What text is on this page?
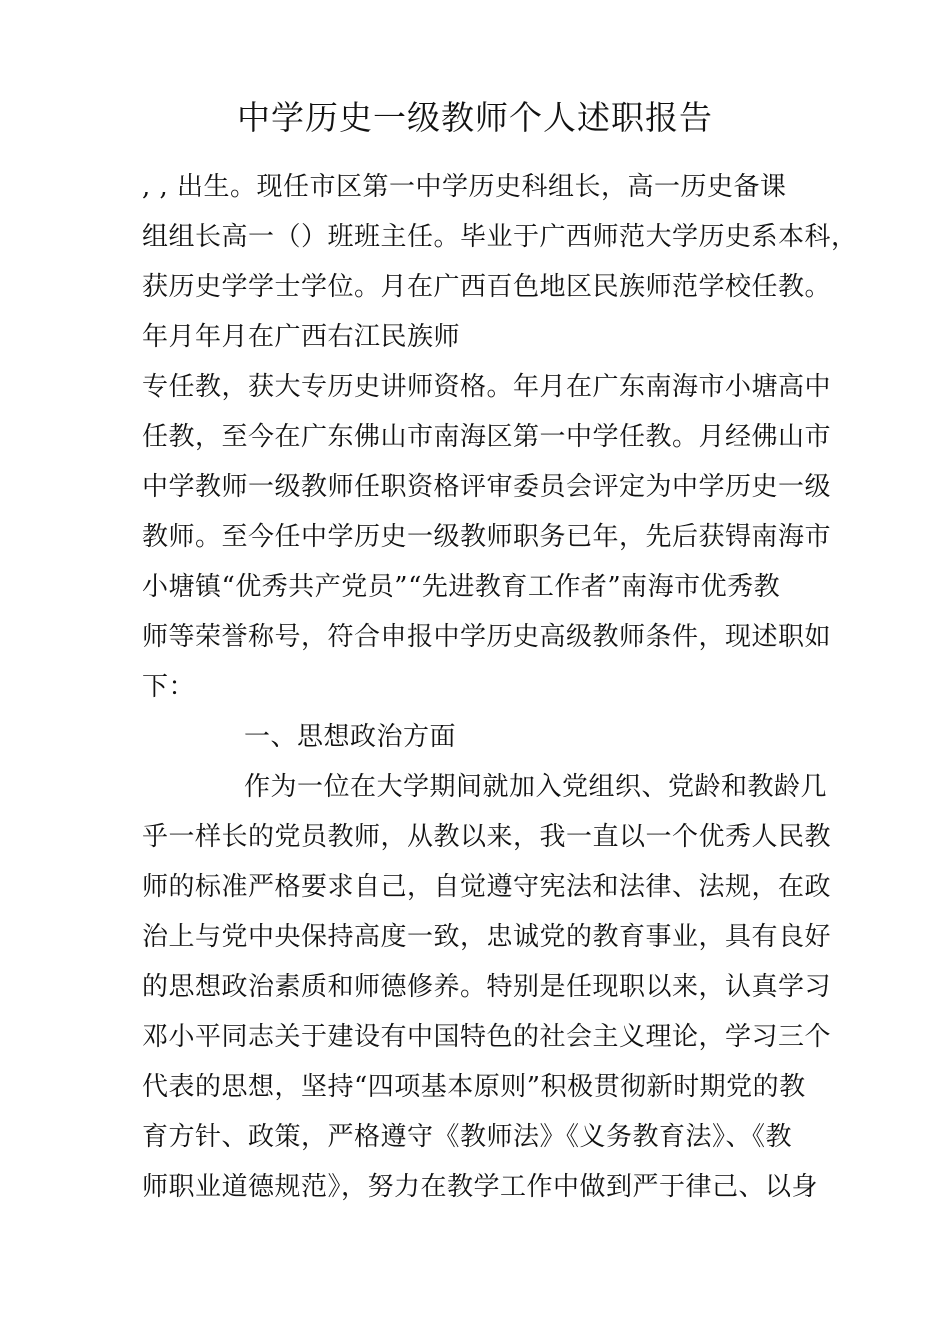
中学历史一级教师个人述职报告
, , 出生。现任市区第一中学历史科组长，高一历史备课
组组长高一（）班班主任。毕业于广西师范大学历史系本科，
获历史学学士学位。月在广西百色地区民族师范学校任教。
年月年月在广西右江民族师
专任教，获大专历史讲师资格。年月在广东南海市小塘高中
任教，至今在广东佛山市南海区第一中学任教。月经佛山市
中学教师一级教师任职资格评审委员会评定为中学历史一级
教师。至今任中学历史一级教师职务已年，先后获锝南海市
小塘镇“优秀共产党员”“先进教育工作者”南海市优秀教
师等荣誉称号，符合申报中学历史高级教师条件，现述职如
下：
一、思想政治方面
作为一位在大学期间就加入党组织、党龄和教龄几
乎一样长的党员教师，从教以来，我一直以一个优秀人民教
师的标准严格要求自己，自觉遵守宪法和法律、法规，在政
治上与党中央保持高度一致，忠诚党的教育事业，具有良好
的思想政治素质和师德修养。特别是任现职以来，认真学习
邓小平同志关于建设有中国特色的社会主义理论，学习三个
代表的思想，坚持“四项基本原则”积极贯彻新时期党的教
育方针、政策，严格遵守《教师法》《义务教育法》、《教
师职业道德规范》，努力在教学工作中做到严于律己、以身
